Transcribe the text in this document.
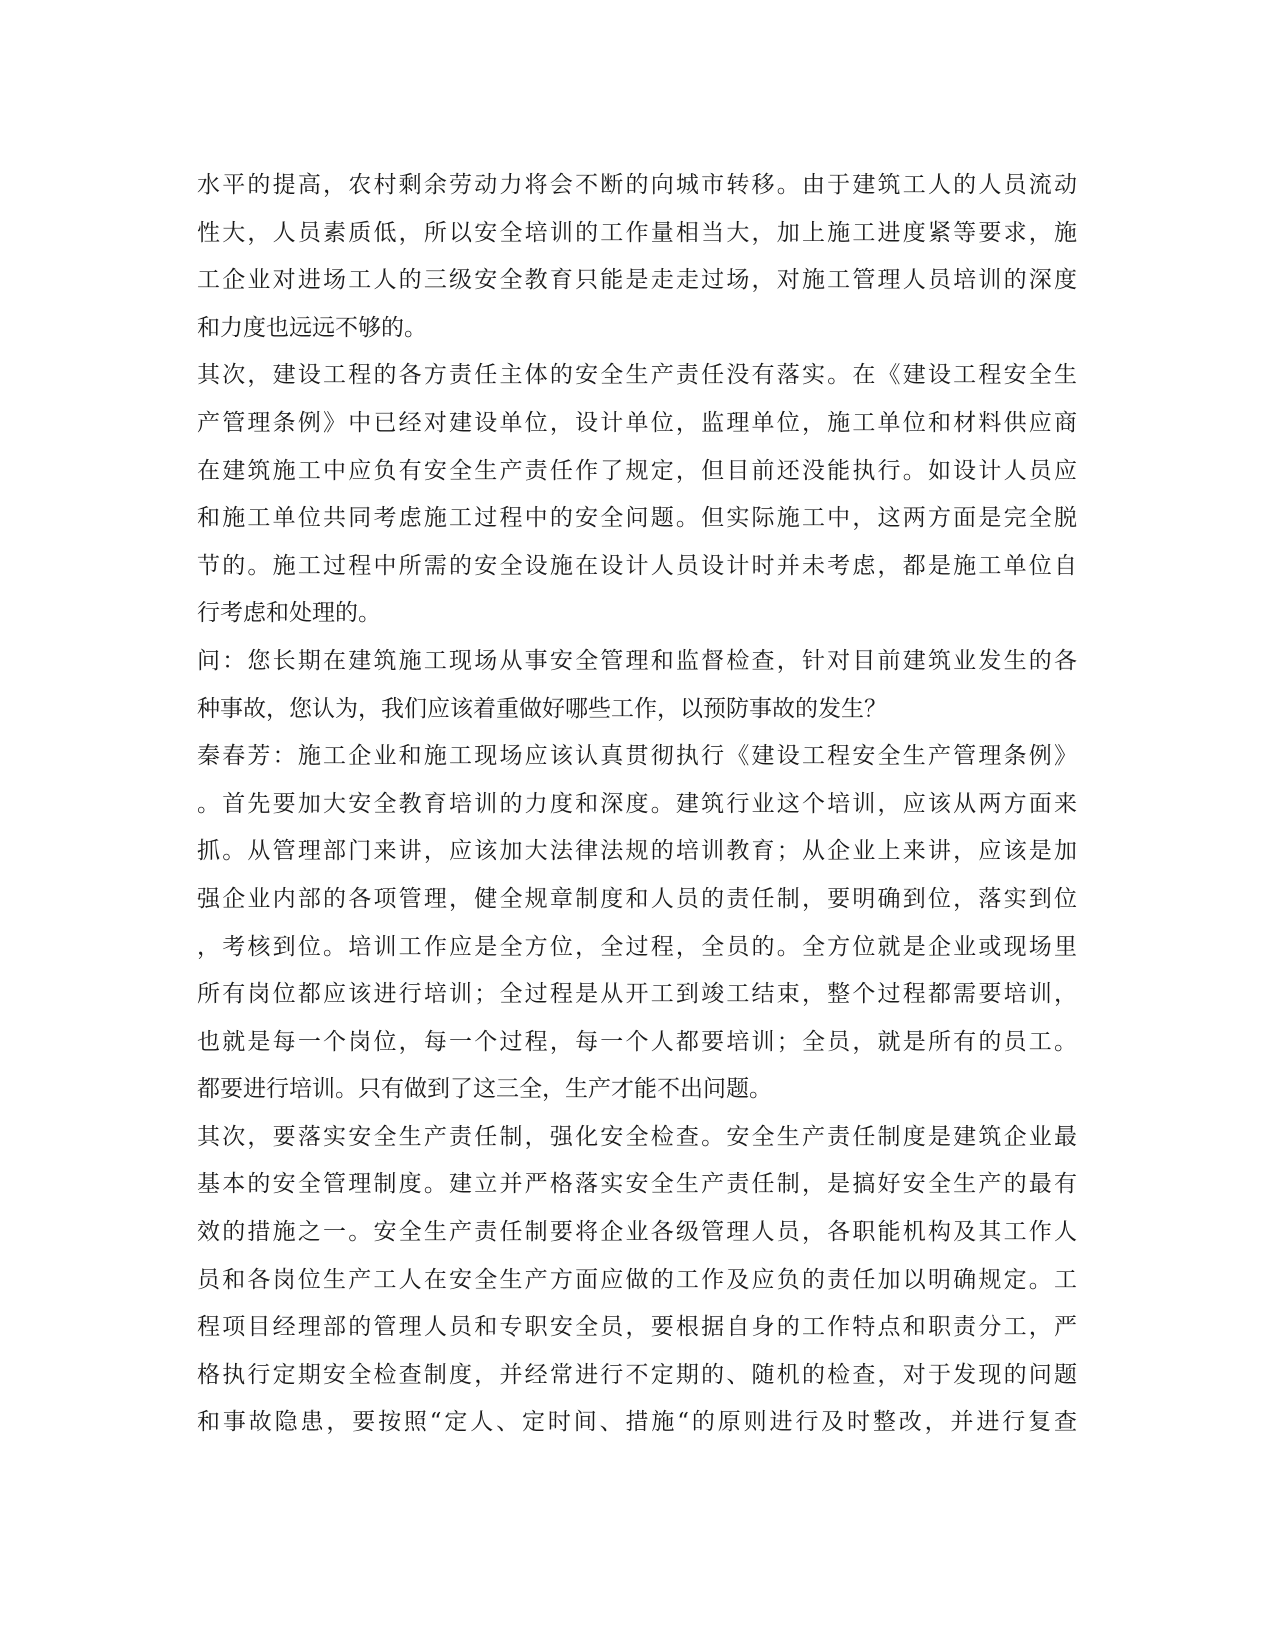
水平的提高，农村剩余劳动力将会不断的向城市转移。由于建筑工人的人员流动
性大，人员素质低，所以安全培训的工作量相当大，加上施工进度紧等要求，施
工企业对进场工人的三级安全教育只能是走走过场，对施工管理人员培训的深度
和力度也远远不够的。
其次，建设工程的各方责任主体的安全生产责任没有落实。在《建设工程安全生
产管理条例》中已经对建设单位，设计单位，监理单位，施工单位和材料供应商
在建筑施工中应负有安全生产责任作了规定，但目前还没能执行。如设计人员应
和施工单位共同考虑施工过程中的安全问题。但实际施工中，这两方面是完全脱
节的。施工过程中所需的安全设施在设计人员设计时并未考虑，都是施工单位自
行考虑和处理的。
问：您长期在建筑施工现场从事安全管理和监督检查，针对目前建筑业发生的各
种事故，您认为，我们应该着重做好哪些工作，以预防事故的发生？
秦春芳：施工企业和施工现场应该认真贯彻执行《建设工程安全生产管理条例》
。首先要加大安全教育培训的力度和深度。建筑行业这个培训，应该从两方面来
抓。从管理部门来讲，应该加大法律法规的培训教育；从企业上来讲，应该是加
强企业内部的各项管理，健全规章制度和人员的责任制，要明确到位，落实到位
，考核到位。培训工作应是全方位，全过程，全员的。全方位就是企业或现场里
所有岗位都应该进行培训；全过程是从开工到竣工结束，整个过程都需要培训，
也就是每一个岗位，每一个过程，每一个人都要培训；全员，就是所有的员工。
都要进行培训。只有做到了这三全，生产才能不出问题。
其次，要落实安全生产责任制，强化安全检查。安全生产责任制度是建筑企业最
基本的安全管理制度。建立并严格落实安全生产责任制，是搞好安全生产的最有
效的措施之一。安全生产责任制要将企业各级管理人员，各职能机构及其工作人
员和各岗位生产工人在安全生产方面应做的工作及应负的责任加以明确规定。工
程项目经理部的管理人员和专职安全员，要根据自身的工作特点和职责分工，严
格执行定期安全检查制度，并经常进行不定期的、随机的检查，对于发现的问题
和事故隐患，要按照“定人、定时间、措施“的原则进行及时整改，并进行复查
